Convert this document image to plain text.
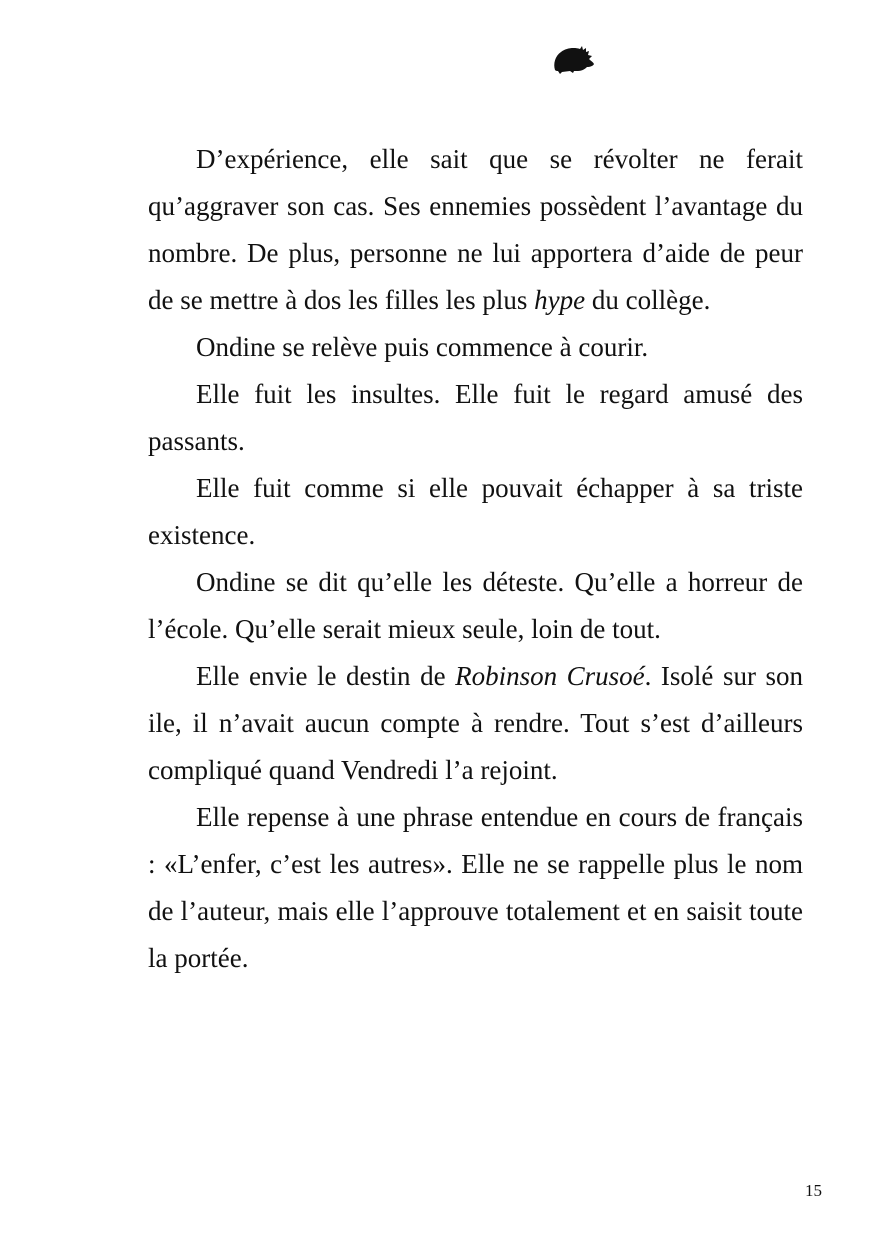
D’expérience, elle sait que se révolter ne ferait qu’aggraver son cas. Ses ennemies possèdent l’avantage du nombre. De plus, personne ne lui apportera d’aide de peur de se mettre à dos les filles les plus hype du collège.

Ondine se relève puis commence à courir.

Elle fuit les insultes. Elle fuit le regard amusé des passants.

Elle fuit comme si elle pouvait échapper à sa triste existence.

Ondine se dit qu’elle les déteste. Qu’elle a horreur de l’école. Qu’elle serait mieux seule, loin de tout.

Elle envie le destin de Robinson Crusoé. Isolé sur son ile, il n’avait aucun compte à rendre. Tout s’est d’ailleurs compliqué quand Vendredi l’a rejoint.

Elle repense à une phrase entendue en cours de français : «L’enfer, c’est les autres». Elle ne se rappelle plus le nom de l’auteur, mais elle l’approuve totalement et en saisit toute la portée.

15
